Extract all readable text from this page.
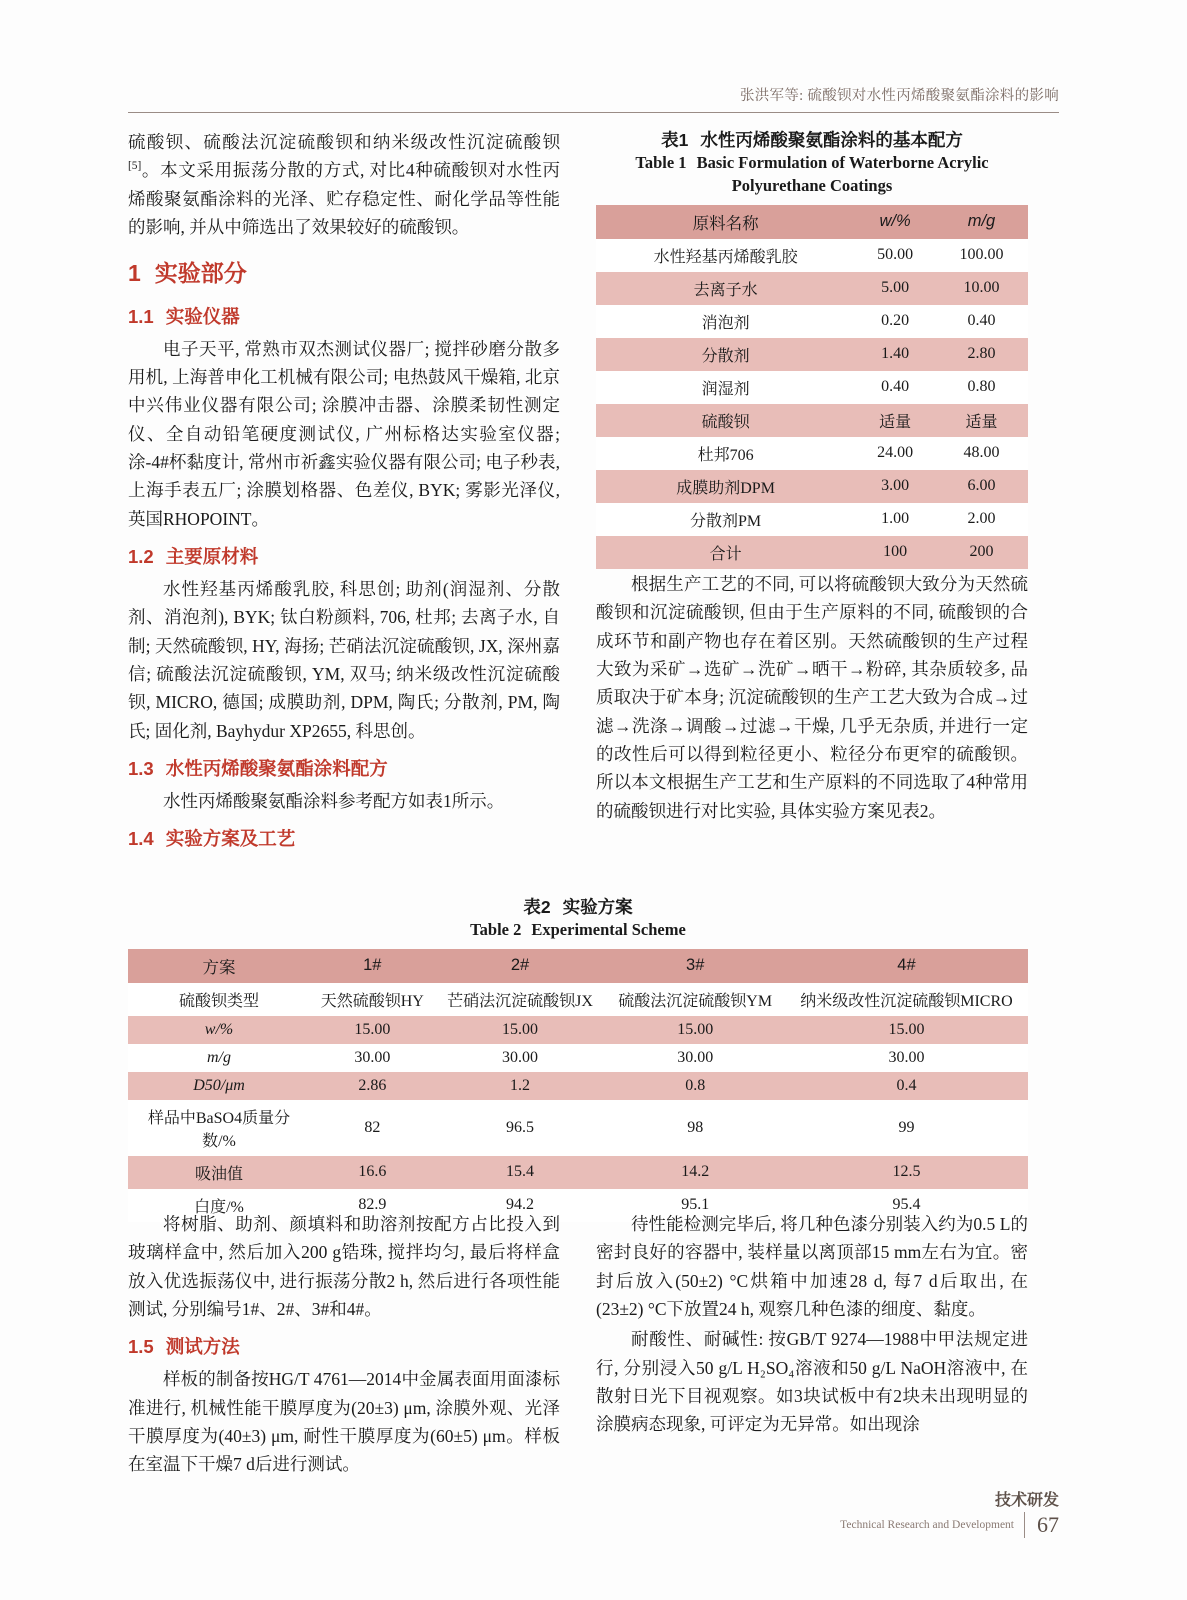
张洪军等: 硫酸钡对水性丙烯酸聚氨酯涂料的影响

硫酸钡、硫酸法沉淀硫酸钡和纳米级改性沉淀硫酸钡[5]。本文采用振荡分散的方式, 对比4种硫酸钡对水性丙烯酸聚氨酯涂料的光泽、贮存稳定性、耐化学品等性能的影响, 并从中筛选出了效果较好的硫酸钡。

1 实验部分
1.1 实验仪器

电子天平, 常熟市双杰测试仪器厂; 搅拌砂磨分散多用机, 上海普申化工机械有限公司; 电热鼓风干燥箱, 北京中兴伟业仪器有限公司; 涂膜冲击器、涂膜柔韧性测定仪、全自动铅笔硬度测试仪, 广州标格达实验室仪器; 涂-4#杯黏度计, 常州市祈鑫实验仪器有限公司; 电子秒表, 上海手表五厂; 涂膜划格器、色差仪, BYK; 雾影光泽仪, 英国RHOPOINT。

1.2 主要原材料

水性羟基丙烯酸乳胶, 科思创; 助剂(润湿剂、分散剂、消泡剂), BYK; 钛白粉颜料, 706, 杜邦; 去离子水, 自制; 天然硫酸钡, HY, 海扬; 芒硝法沉淀硫酸钡, JX, 深州嘉信; 硫酸法沉淀硫酸钡, YM, 双马; 纳米级改性沉淀硫酸钡, MICRO, 德国; 成膜助剂, DPM, 陶氏; 分散剂, PM, 陶氏; 固化剂, Bayhydur XP2655, 科思创。

1.3 水性丙烯酸聚氨酯涂料配方

水性丙烯酸聚氨酯涂料参考配方如表1所示。

1.4 实验方案及工艺
表1 水性丙烯酸聚氨酯涂料的基本配方
Table 1 Basic Formulation of Waterborne Acrylic Polyurethane Coatings
原料名称	w/%	m/g
水性羟基丙烯酸乳胶	50.00	100.00
去离子水	5.00	10.00
消泡剂	0.20	0.40
分散剂	1.40	2.80
润湿剂	0.40	0.80
硫酸钡	适量	适量
杜邦706	24.00	48.00
成膜助剂DPM	3.00	6.00
分散剂PM	1.00	2.00
合计	100	200

根据生产工艺的不同, 可以将硫酸钡大致分为天然硫酸钡和沉淀硫酸钡, 但由于生产原料的不同, 硫酸钡的合成环节和副产物也存在着区别。天然硫酸钡的生产过程大致为采矿→选矿→洗矿→晒干→粉碎, 其杂质较多, 品质取决于矿本身; 沉淀硫酸钡的生产工艺大致为合成→过滤→洗涤→调酸→过滤→干燥, 几乎无杂质, 并进行一定的改性后可以得到粒径更小、粒径分布更窄的硫酸钡。所以本文根据生产工艺和生产原料的不同选取了4种常用的硫酸钡进行对比实验, 具体实验方案见表2。

表2 实验方案
Table 2 Experimental Scheme
方案	1#	2#	3#	4#
硫酸钡类型	天然硫酸钡HY	芒硝法沉淀硫酸钡JX	硫酸法沉淀硫酸钡YM	纳米级改性沉淀硫酸钡MICRO
w/%	15.00	15.00	15.00	15.00
m/g	30.00	30.00	30.00	30.00
D50/μm	2.86	1.2	0.8	0.4
样品中BaSO4质量分数/%	82	96.5	98	99
吸油值	16.6	15.4	14.2	12.5
白度/%	82.9	94.2	95.1	95.4

将树脂、助剂、颜填料和助溶剂按配方占比投入到玻璃样盒中, 然后加入200 g锆珠, 搅拌均匀, 最后将样盒放入优选振荡仪中, 进行振荡分散2 h, 然后进行各项性能测试, 分别编号1#、2#、3#和4#。

1.5 测试方法

样板的制备按HG/T 4761—2014中金属表面用面漆标准进行, 机械性能干膜厚度为(20±3) μm, 涂膜外观、光泽干膜厚度为(40±3) μm, 耐性干膜厚度为(60±5) μm。样板在室温下干燥7 d后进行测试。

待性能检测完毕后, 将几种色漆分别装入约为0.5 L的密封良好的容器中, 装样量以离顶部15 mm左右为宜。密封后放入(50±2) °C烘箱中加速28 d, 每7 d后取出, 在(23±2) °C下放置24 h, 观察几种色漆的细度、黏度。

耐酸性、耐碱性: 按GB/T 9274—1988中甲法规定进行, 分别浸入50 g/L H₂SO₄溶液和50 g/L NaOH溶液中, 在散射日光下目视观察。如3块试板中有2块未出现明显的涂膜病态现象, 可评定为无异常。如出现涂

技术研发
Technical Research and Development 67
